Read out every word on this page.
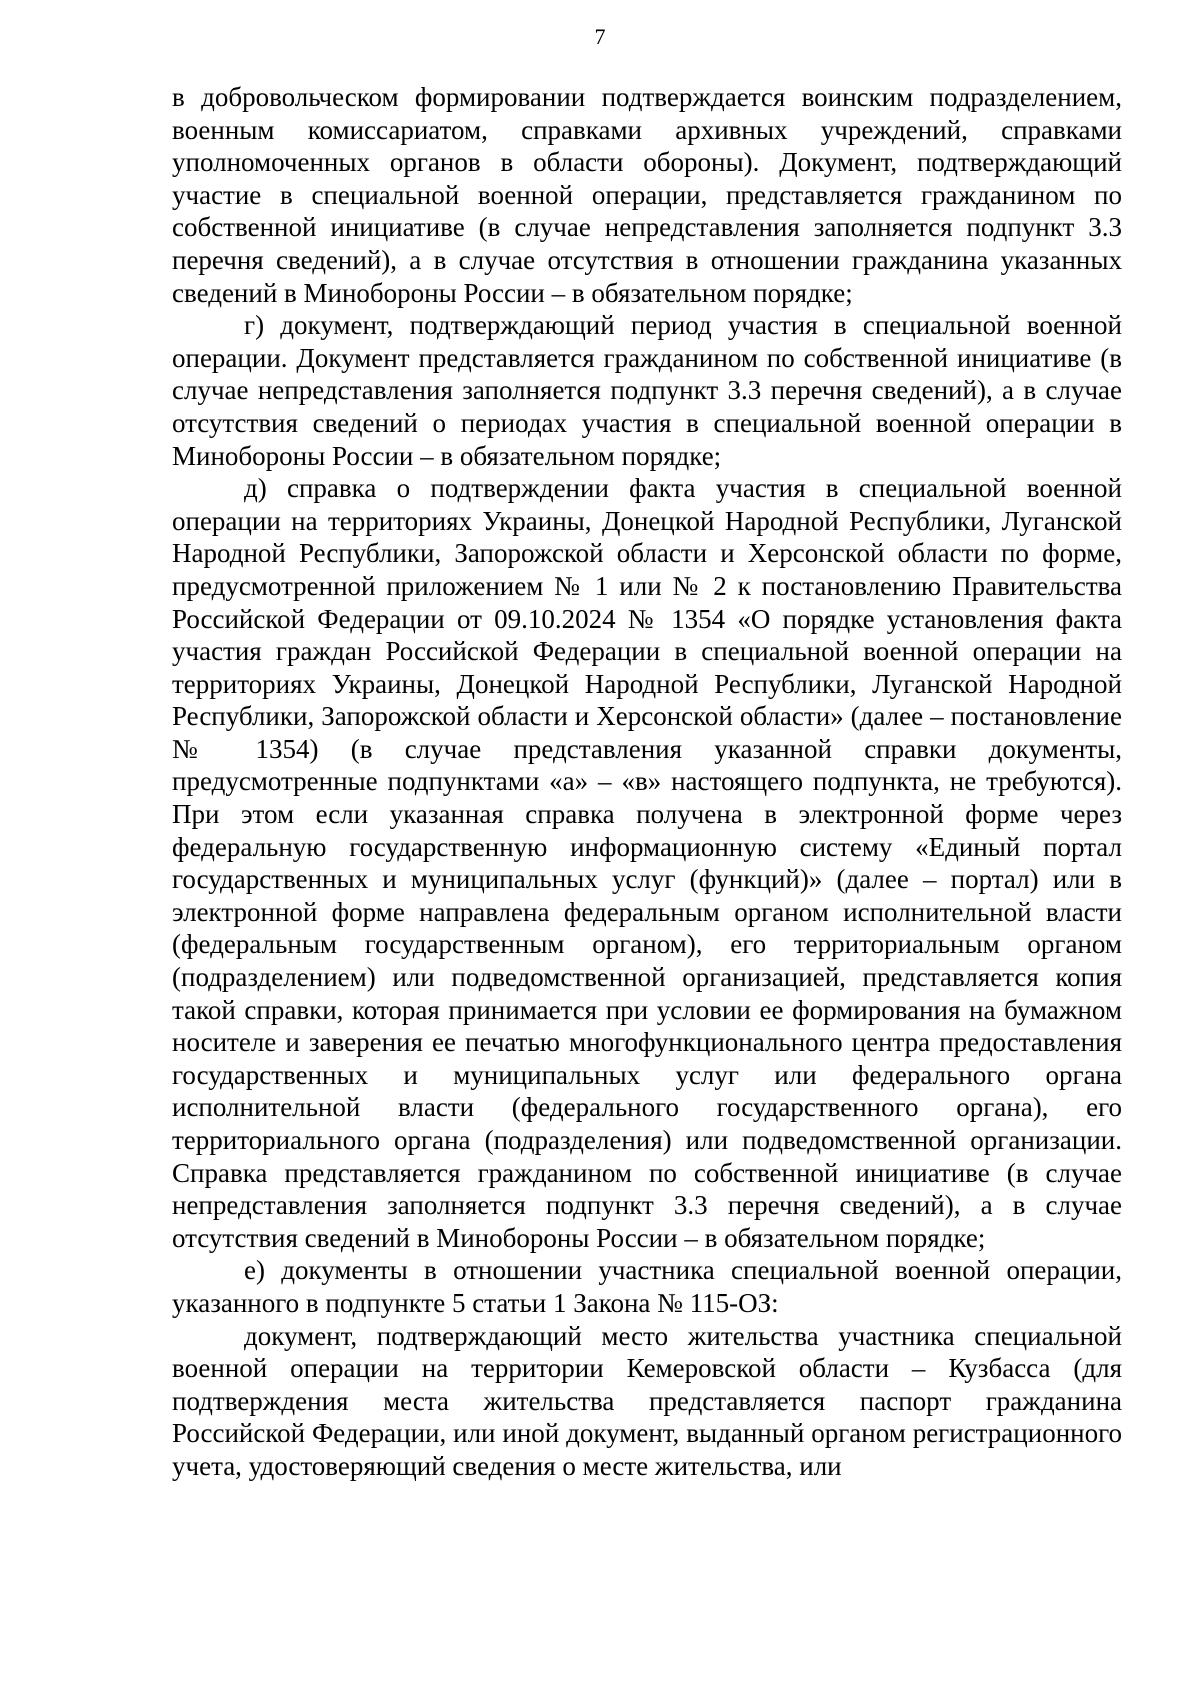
7

в добровольческом формировании подтверждается воинским подразделением, военным комиссариатом, справками архивных учреждений, справками уполномоченных органов в области обороны). Документ, подтверждающий участие в специальной военной операции, представляется гражданином по собственной инициативе (в случае непредставления заполняется подпункт 3.3 перечня сведений), а в случае отсутствия в отношении гражданина указанных сведений в Минобороны России – в обязательном порядке;

г) документ, подтверждающий период участия в специальной военной операции. Документ представляется гражданином по собственной инициативе (в случае непредставления заполняется подпункт 3.3 перечня сведений), а в случае отсутствия сведений о периодах участия в специальной военной операции в Минобороны России – в обязательном порядке;

д) справка о подтверждении факта участия в специальной военной операции на территориях Украины, Донецкой Народной Республики, Луганской Народной Республики, Запорожской области и Херсонской области по форме, предусмотренной приложением № 1 или № 2 к постановлению Правительства Российской Федерации от 09.10.2024 № 1354 «О порядке установления факта участия граждан Российской Федерации в специальной военной операции на территориях Украины, Донецкой Народной Республики, Луганской Народной Республики, Запорожской области и Херсонской области» (далее – постановление № 1354) (в случае представления указанной справки документы, предусмотренные подпунктами «а» – «в» настоящего подпункта, не требуются). При этом если указанная справка получена в электронной форме через федеральную государственную информационную систему «Единый портал государственных и муниципальных услуг (функций)» (далее – портал) или в электронной форме направлена федеральным органом исполнительной власти (федеральным государственным органом), его территориальным органом (подразделением) или подведомственной организацией, представляется копия такой справки, которая принимается при условии ее формирования на бумажном носителе и заверения ее печатью многофункционального центра предоставления государственных и муниципальных услуг или федерального органа исполнительной власти (федерального государственного органа), его территориального органа (подразделения) или подведомственной организации. Справка представляется гражданином по собственной инициативе (в случае непредставления заполняется подпункт 3.3 перечня сведений), а в случае отсутствия сведений в Минобороны России – в обязательном порядке;

е) документы в отношении участника специальной военной операции, указанного в подпункте 5 статьи 1 Закона № 115-ОЗ:

документ, подтверждающий место жительства участника специальной военной операции на территории Кемеровской области – Кузбасса (для подтверждения места жительства представляется паспорт гражданина Российской Федерации, или иной документ, выданный органом регистрационного учета, удостоверяющий сведения о месте жительства, или
